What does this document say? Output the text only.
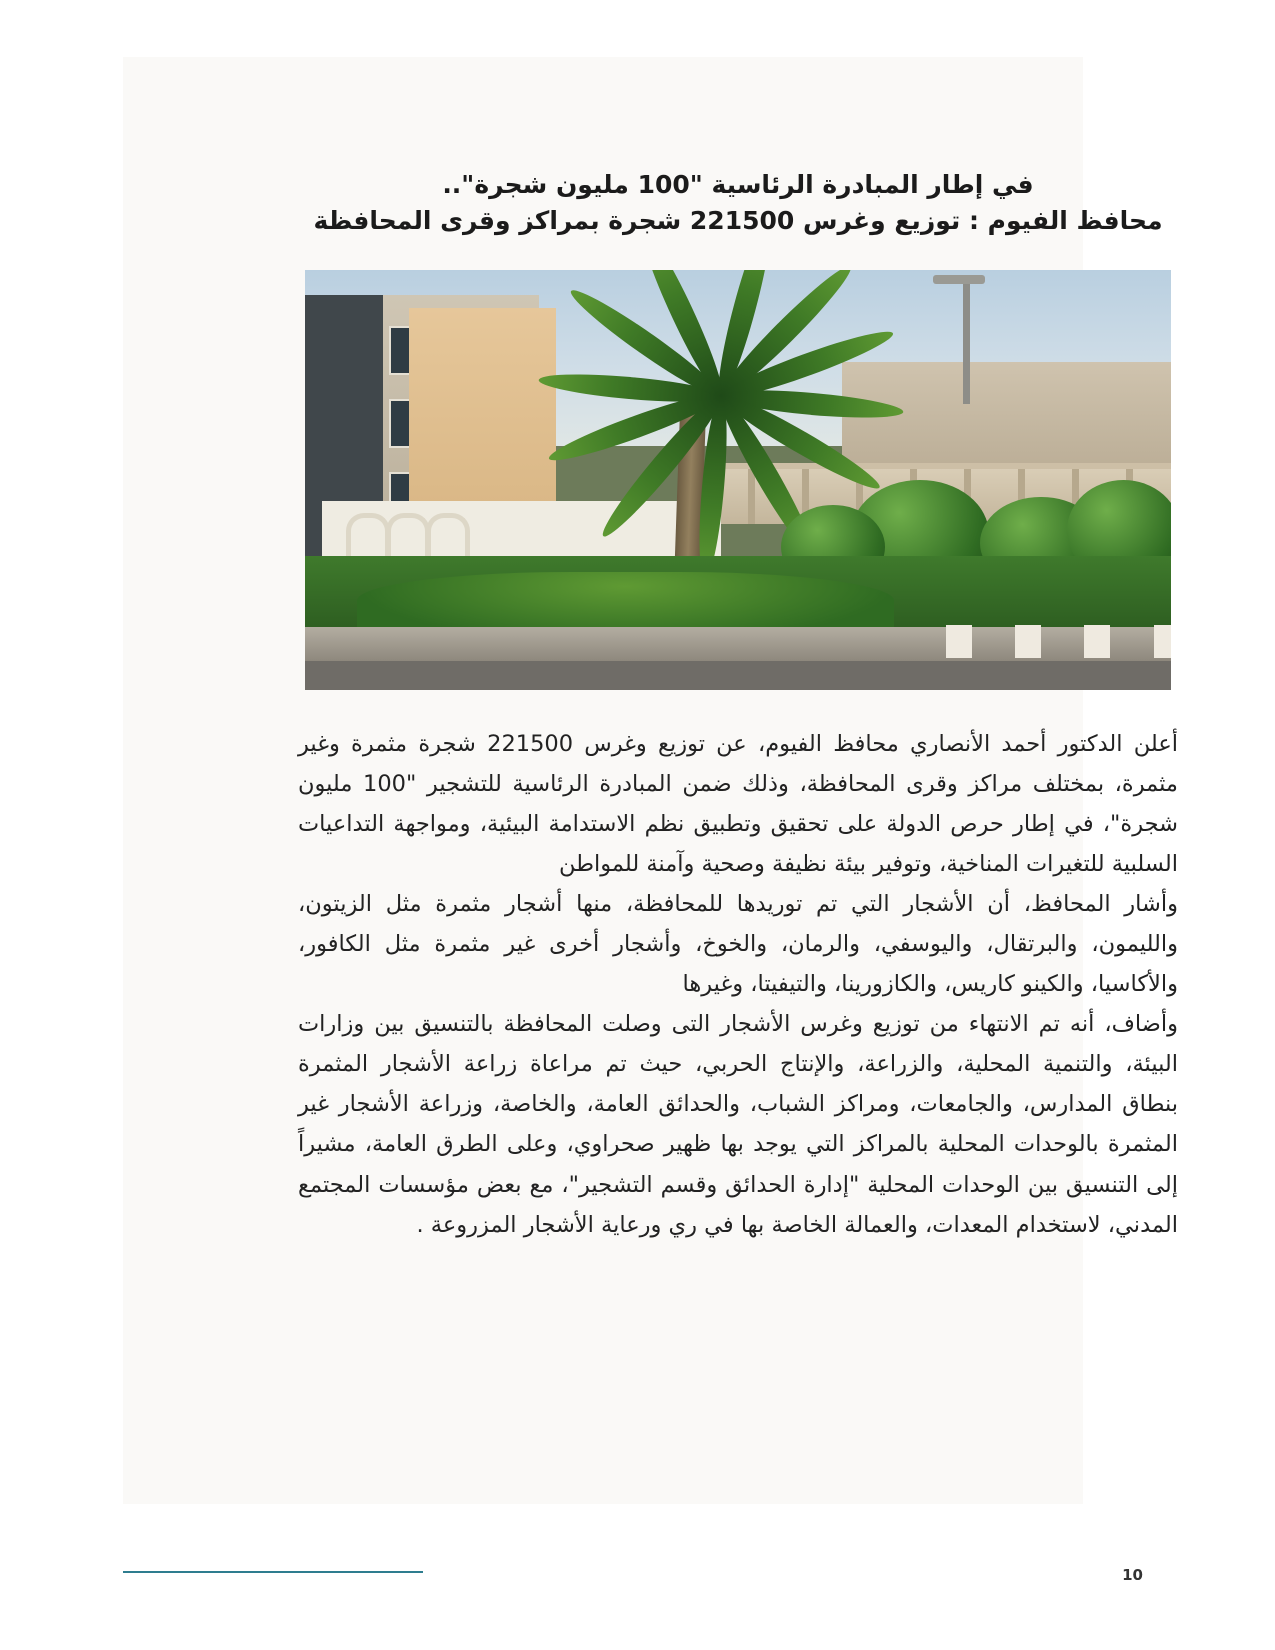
في إطار المبادرة الرئاسية "100 مليون شجرة"..
محافظ الفيوم : توزيع وغرس 221500 شجرة بمراكز وقرى المحافظة

أعلن الدكتور أحمد الأنصاري محافظ الفيوم، عن توزيع وغرس 221500 شجرة مثمرة وغير مثمرة، بمختلف مراكز وقرى المحافظة، وذلك ضمن المبادرة الرئاسية للتشجير "100 مليون شجرة"، في إطار حرص الدولة على تحقيق وتطبيق نظم الاستدامة البيئية، ومواجهة التداعيات السلبية للتغيرات المناخية، وتوفير بيئة نظيفة وصحية وآمنة للمواطن

وأشار المحافظ، أن الأشجار التي تم توريدها للمحافظة، منها أشجار مثمرة مثل الزيتون، والليمون، والبرتقال، واليوسفي، والرمان، والخوخ، وأشجار أخرى غير مثمرة مثل الكافور، والأكاسيا، والكينو كاريس، والكازورينا، والتيفيتا، وغيرها

وأضاف، أنه تم الانتهاء من توزيع وغرس الأشجار التى وصلت المحافظة بالتنسيق بين وزارات البيئة، والتنمية المحلية، والزراعة، والإنتاج الحربي، حيث تم مراعاة زراعة الأشجار المثمرة بنطاق المدارس، والجامعات، ومراكز الشباب، والحدائق العامة، والخاصة، وزراعة الأشجار غير المثمرة بالوحدات المحلية بالمراكز التي يوجد بها ظهير صحراوي، وعلى الطرق العامة، مشيراً إلى التنسيق بين الوحدات المحلية "إدارة الحدائق وقسم التشجير"، مع بعض مؤسسات المجتمع المدني، لاستخدام المعدات، والعمالة الخاصة بها في ري ورعاية الأشجار المزروعة .

10
